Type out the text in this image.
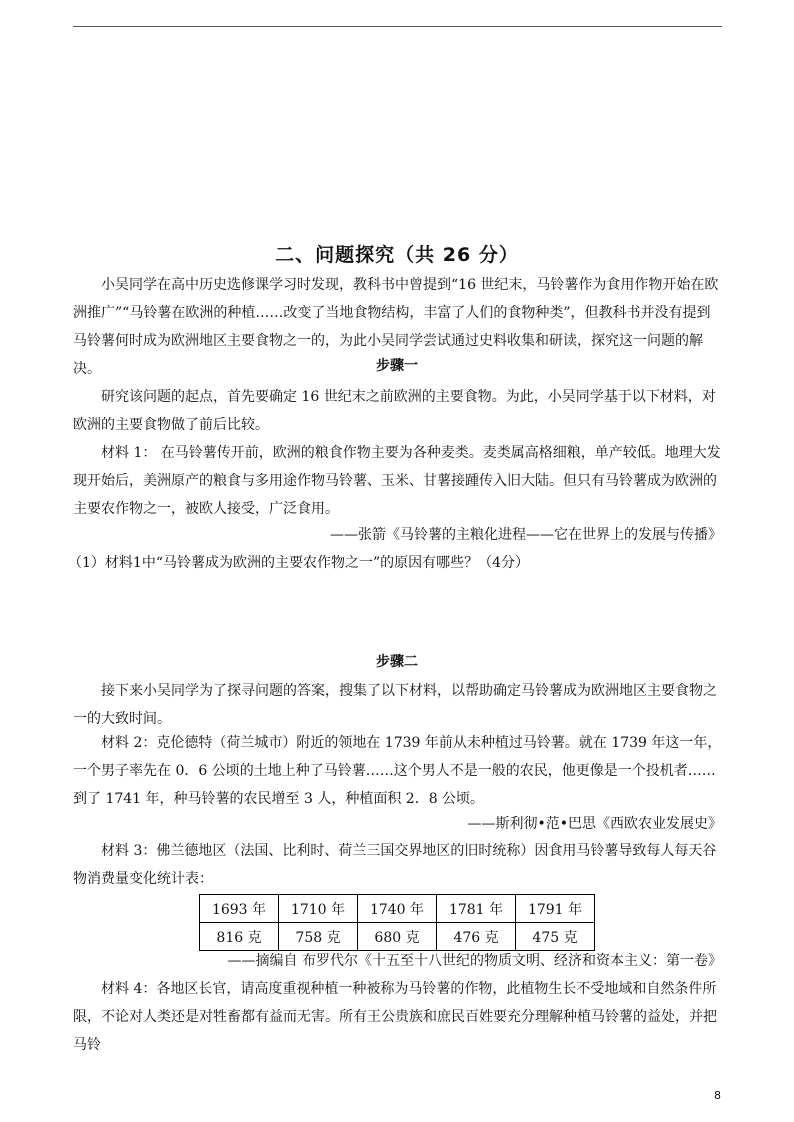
二、问题探究（共 26 分）
小吴同学在高中历史选修课学习时发现，教科书中曾提到“16 世纪末，马铃薯作为食用作物开始在欧洲推广”“马铃薯在欧洲的种植……改变了当地食物结构，丰富了人们的食物种类”，但教科书并没有提到马铃薯何时成为欧洲地区主要食物之一的，为此小吴同学尝试通过史料收集和研读，探究这一问题的解决。	步骤一
研究该问题的起点，首先要确定 16 世纪末之前欧洲的主要食物。为此，小吴同学基于以下材料，对欧洲的主要食物做了前后比较。
材料 1： 在马铃薯传开前，欧洲的粮食作物主要为各种麦类。麦类属高格细粮，单产较低。地理大发现开始后，美洲原产的粮食与多用途作物马铃薯、玉米、甘薯接踵传入旧大陆。但只有马铃薯成为欧洲的主要农作物之一，被欧人接受，广泛食用。
——张箭《马铃薯的主粮化进程——它在世界上的发展与传播》
（1）材料1中“马铃薯成为欧洲的主要农作物之一”的原因有哪些？（4分）
步骤二
接下来小吴同学为了探寻问题的答案，搜集了以下材料，以帮助确定马铃薯成为欧洲地区主要食物之一的大致时间。
材料 2：克伦德特（荷兰城市）附近的领地在 1739 年前从未种植过马铃薯。就在 1739 年这一年，一个男子率先在 0．6 公顷的土地上种了马铃薯……这个男人不是一般的农民，他更像是一个投机者……到了 1741 年，种马铃薯的农民增至 3 人，种植面积 2．8 公顷。
——斯利彻•范•巴思《西欧农业发展史》
材料 3：佛兰德地区（法国、比利时、荷兰三国交界地区的旧时统称）因食用马铃薯导致每人每天谷物消费量变化统计表：
1693 年	1710 年	1740 年	1781 年	1791 年
816 克	758 克	680 克	476 克	475 克
——摘编自 布罗代尔《十五至十八世纪的物质文明、经济和资本主义：第一卷》
材料 4：各地区长官，请高度重视种植一种被称为马铃薯的作物，此植物生长不受地域和自然条件所限，不论对人类还是对牲畜都有益而无害。所有王公贵族和庶民百姓要充分理解种植马铃薯的益处，并把马铃
8
